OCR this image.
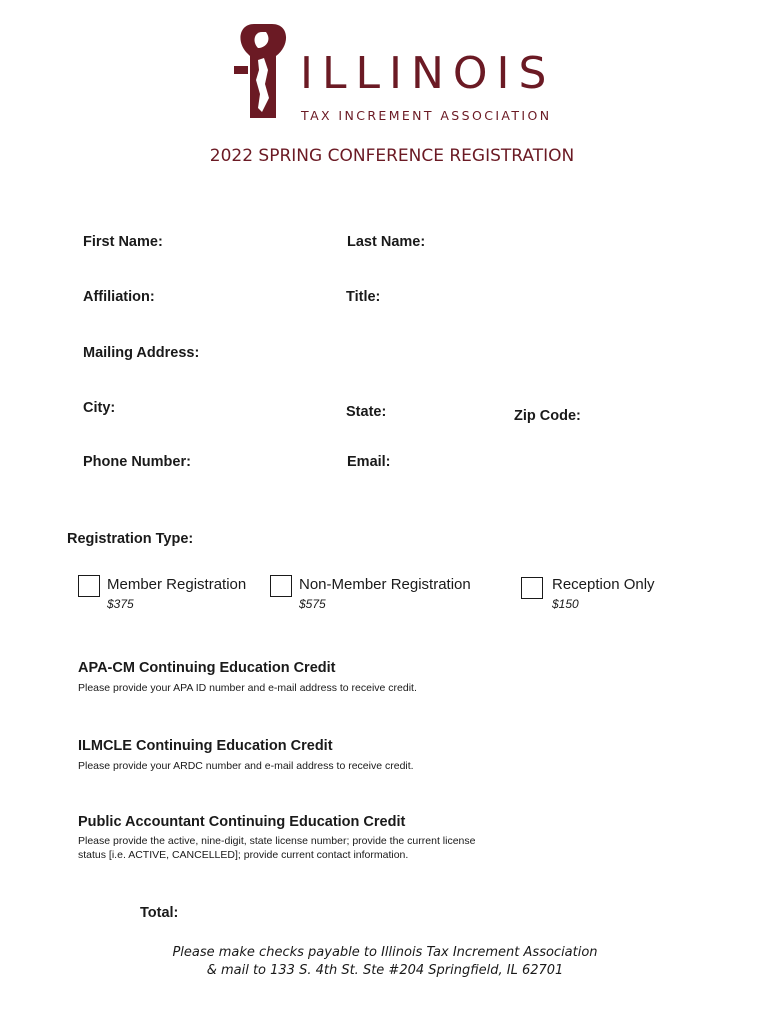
ILLINOIS
TAX INCREMENT ASSOCIATION
2022 SPRING CONFERENCE REGISTRATION
First Name:	Last Name:
Affiliation:	Title:
Mailing Address:
City:	State:	Zip Code:
Phone Number:	Email:
Registration Type:
Member Registration
$375
Non-Member Registration
$575
Reception Only
$150
APA-CM Continuing Education Credit
Please provide your APA ID number and e-mail address to receive credit.
ILMCLE Continuing Education Credit
Please provide your ARDC number and e-mail address to receive credit.
Public Accountant Continuing Education Credit
Please provide the active, nine-digit, state license number; provide the current license
status [i.e. ACTIVE, CANCELLED]; provide current contact information.
Total:
Please make checks payable to Illinois Tax Increment Association
& mail to 133 S. 4th St. Ste #204 Springfield, IL 62701
